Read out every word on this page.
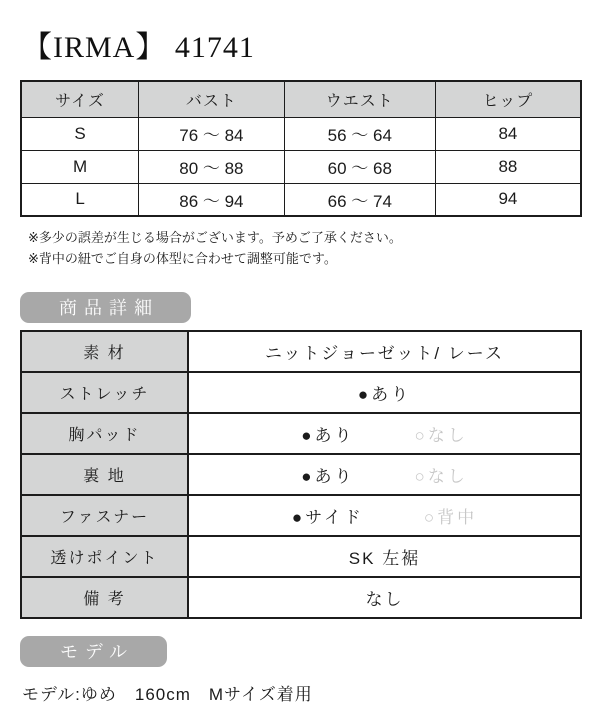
【IRMA】 41741
サイズ	バスト	ウエスト	ヒップ
S	76 〜 84	56 〜 64	84
M	80 〜 88	60 〜 68	88
L	86 〜 94	66 〜 74	94
※多少の誤差が生じる場合がございます。予めご了承ください。
※背中の紐でご自身の体型に合わせて調整可能です。
商品詳細
素 材	ニットジョーゼット/ レース
ストレッチ	●あり
胸パッド	●あり ○なし

裏 地	●あり ○なし

ファスナー	●サイド ○背中

透けポイント	SK 左裾
備 考	なし
モデル
モデル:ゆめ　160cm　Mサイズ着用
